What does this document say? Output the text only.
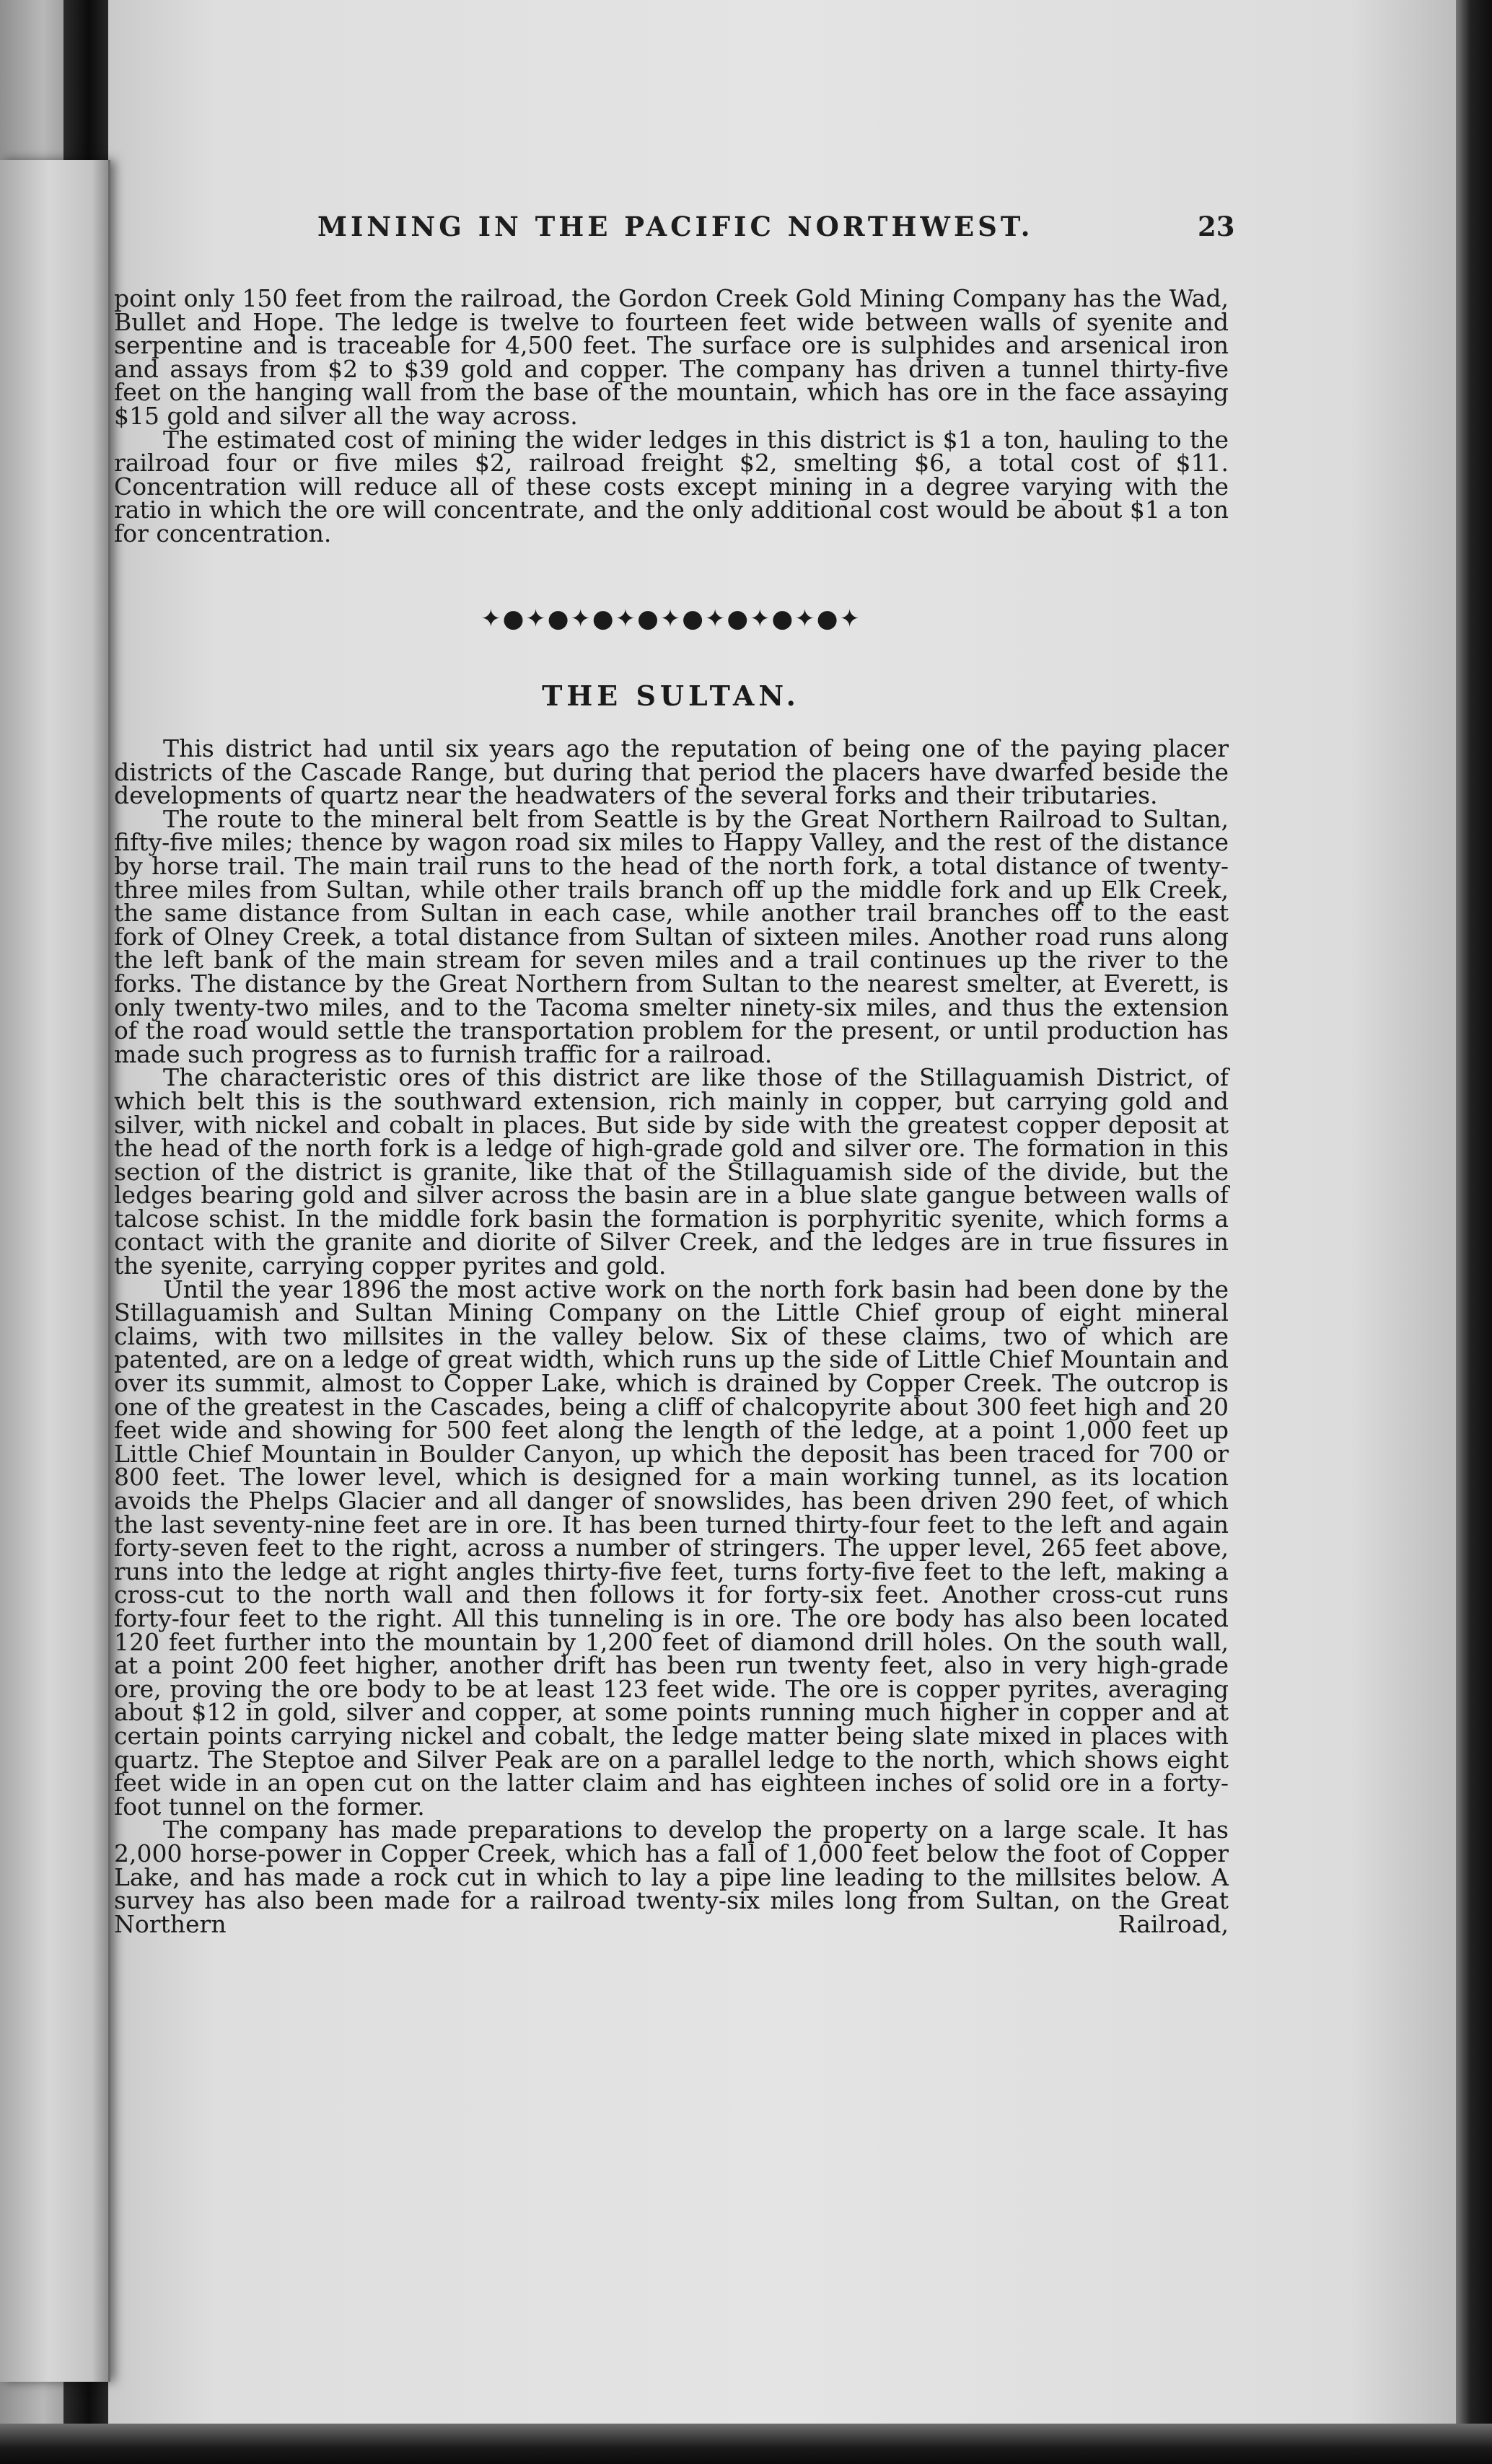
MINING IN THE PACIFIC NORTHWEST.	23

point only 150 feet from the railroad, the Gordon Creek Gold Mining Company has the Wad, Bullet and Hope. The ledge is twelve to fourteen feet wide between walls of syenite and serpentine and is traceable for 4,500 feet. The surface ore is sulphides and arsenical iron and assays from $2 to $39 gold and copper. The company has driven a tunnel thirty-five feet on the hanging wall from the base of the mountain, which has ore in the face assaying $15 gold and silver all the way across.

The estimated cost of mining the wider ledges in this district is $1 a ton, hauling to the railroad four or five miles $2, railroad freight $2, smelting $6, a total cost of $11. Concentration will reduce all of these costs except mining in a degree varying with the ratio in which the ore will concentrate, and the only additional cost would be about $1 a ton for concentration.

✦●✦●✦●✦●✦●✦●✦●✦●✦
THE SULTAN.

This district had until six years ago the reputation of being one of the paying placer districts of the Cascade Range, but during that period the placers have dwarfed beside the developments of quartz near the headwaters of the several forks and their tributaries.

The route to the mineral belt from Seattle is by the Great Northern Railroad to Sultan, fifty-five miles; thence by wagon road six miles to Happy Valley, and the rest of the distance by horse trail. The main trail runs to the head of the north fork, a total distance of twenty-three miles from Sultan, while other trails branch off up the middle fork and up Elk Creek, the same distance from Sultan in each case, while another trail branches off to the east fork of Olney Creek, a total distance from Sultan of sixteen miles. Another road runs along the left bank of the main stream for seven miles and a trail continues up the river to the forks. The distance by the Great Northern from Sultan to the nearest smelter, at Everett, is only twenty-two miles, and to the Tacoma smelter ninety-six miles, and thus the extension of the road would settle the transportation problem for the present, or until production has made such progress as to furnish traffic for a railroad.

The characteristic ores of this district are like those of the Stillaguamish District, of which belt this is the southward extension, rich mainly in copper, but carrying gold and silver, with nickel and cobalt in places. But side by side with the greatest copper deposit at the head of the north fork is a ledge of high-grade gold and silver ore. The formation in this section of the district is granite, like that of the Stillaguamish side of the divide, but the ledges bearing gold and silver across the basin are in a blue slate gangue between walls of talcose schist. In the middle fork basin the formation is porphyritic syenite, which forms a contact with the granite and diorite of Silver Creek, and the ledges are in true fissures in the syenite, carrying copper pyrites and gold.

Until the year 1896 the most active work on the north fork basin had been done by the Stillaguamish and Sultan Mining Company on the Little Chief group of eight mineral claims, with two millsites in the valley below. Six of these claims, two of which are patented, are on a ledge of great width, which runs up the side of Little Chief Mountain and over its summit, almost to Copper Lake, which is drained by Copper Creek. The outcrop is one of the greatest in the Cascades, being a cliff of chalcopyrite about 300 feet high and 20 feet wide and showing for 500 feet along the length of the ledge, at a point 1,000 feet up Little Chief Mountain in Boulder Canyon, up which the deposit has been traced for 700 or 800 feet. The lower level, which is designed for a main working tunnel, as its location avoids the Phelps Glacier and all danger of snowslides, has been driven 290 feet, of which the last seventy-nine feet are in ore. It has been turned thirty-four feet to the left and again forty-seven feet to the right, across a number of stringers. The upper level, 265 feet above, runs into the ledge at right angles thirty-five feet, turns forty-five feet to the left, making a cross-cut to the north wall and then follows it for forty-six feet. Another cross-cut runs forty-four feet to the right. All this tunneling is in ore. The ore body has also been located 120 feet further into the mountain by 1,200 feet of diamond drill holes. On the south wall, at a point 200 feet higher, another drift has been run twenty feet, also in very high-grade ore, proving the ore body to be at least 123 feet wide. The ore is copper pyrites, averaging about $12 in gold, silver and copper, at some points running much higher in copper and at certain points carrying nickel and cobalt, the ledge matter being slate mixed in places with quartz. The Steptoe and Silver Peak are on a parallel ledge to the north, which shows eight feet wide in an open cut on the latter claim and has eighteen inches of solid ore in a forty-foot tunnel on the former.

The company has made preparations to develop the property on a large scale. It has 2,000 horse-power in Copper Creek, which has a fall of 1,000 feet below the foot of Copper Lake, and has made a rock cut in which to lay a pipe line leading to the millsites below. A survey has also been made for a railroad twenty-six miles long from Sultan, on the Great Northern Railroad,
